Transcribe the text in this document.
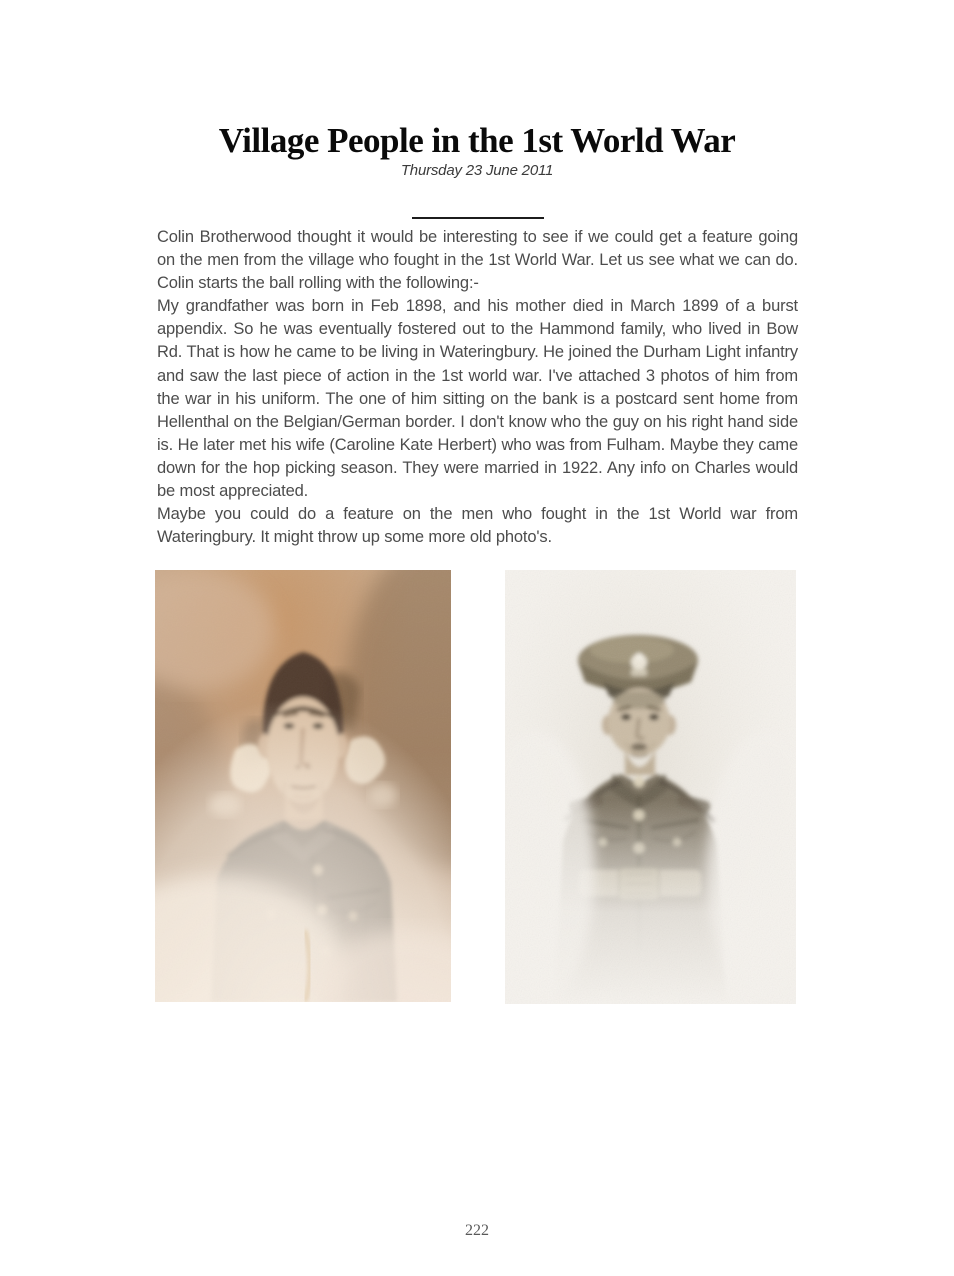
Village People in the 1st World War
Thursday 23 June 2011

Colin Brotherwood thought it would be interesting to see if we could get a feature going on the men from the village who fought in the 1st World War. Let us see what we can do. Colin starts the ball rolling with the following:-

My grandfather was born in Feb 1898, and his mother died in March 1899 of a burst appendix. So he was eventually fostered out to the Hammond family, who lived in Bow Rd. That is how he came to be living in Wateringbury. He joined the Durham Light infantry and saw the last piece of action in the 1st world war. I've attached 3 photos of him from the war in his uniform. The one of him sitting on the bank is a postcard sent home from Hellenthal on the Belgian/German border. I don't know who the guy on his right hand side is. He later met his wife (Caroline Kate Herbert) who was from Fulham. Maybe they came down for the hop picking season. They were married in 1922. Any info on Charles would be most appreciated.

Maybe you could do a feature on the men who fought in the 1st World war from Wateringbury. It might throw up some more old photo's.

222
